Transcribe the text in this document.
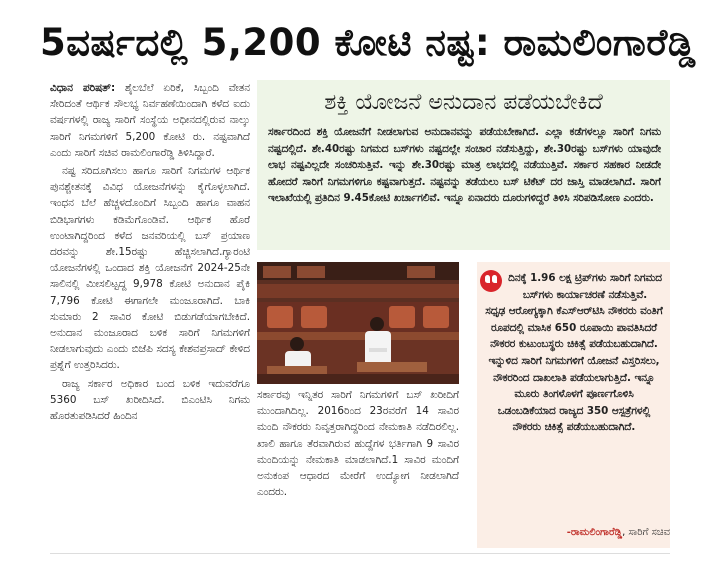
5ವರ್ಷದಲ್ಲಿ 5,200 ಕೋಟಿ ನಷ್ಟ: ರಾಮಲಿಂಗಾರೆಡ್ಡಿ

ವಿಧಾನ ಪರಿಷತ್: ಶೈಲಬೆಲೆ ಏರಿಕೆ, ಸಿಬ್ಬಂದಿ ವೇತನ ಸೇರಿದಂತೆ ಆರ್ಥಿಕ ಸೌಲಭ್ಯ ನಿರ್ವಹಣೆಯಿಂದಾಗಿ ಕಳೆದ ಐದು ವರ್ಷಗಳಲ್ಲಿ ರಾಜ್ಯ ಸಾರಿಗೆ ಸಂಸ್ಥೆಯ ಅಧೀನದಲ್ಲಿರುವ ನಾಲ್ಕು ಸಾರಿಗೆ ನಿಗಮಗಳಿಗೆ 5,200 ಕೋಟಿ ರು. ನಷ್ಟವಾಗಿದೆ ಎಂದು ಸಾರಿಗೆ ಸಚಿವ ರಾಮಲಿಂಗಾರೆಡ್ಡಿ ತಿಳಿಸಿದ್ದಾರೆ.

ನಷ್ಟ ಸರಿದೂಗಿಸಲು ಹಾಗೂ ಸಾರಿಗೆ ನಿಗಮಗಳ ಆರ್ಥಿಕ ಪುನಶ್ಚೇತನಕ್ಕೆ ವಿವಿಧ ಯೋಜನೆಗಳನ್ನು ಕೈಗೊಳ್ಳಲಾಗಿದೆ. ಇಂಧನ ಬೆಲೆ ಹೆಚ್ಚಳದೊಂದಿಗೆ ಸಿಬ್ಬಂದಿ ಹಾಗೂ ವಾಹನ ಬಿಡಿಭಾಗಗಳು ಕಡಿಮೆಗೊಂಡಿವೆ. ಆರ್ಥಿಕ ಹೊರೆ ಉಂಟಾಗಿದ್ದರಿಂದ ಕಳೆದ ಜನವರಿಯಲ್ಲಿ ಬಸ್ ಪ್ರಯಾಣ ದರವನ್ನು ಶೇ.15ರಷ್ಟು ಹೆಚ್ಚಿಸಲಾಗಿದೆ.ಗ್ಯಾರಂಟಿ ಯೋಜನೆಗಳಲ್ಲಿ ಒಂದಾದ ಶಕ್ತಿ ಯೋಜನೆಗೆ 2024-25ನೇ ಸಾಲಿನಲ್ಲಿ ಮೀಸಲಿಟ್ಟದ್ದ 9,978 ಕೋಟಿ ಅನುದಾನ ಪೈಕಿ 7,796 ಕೋಟಿ ಈಗಾಗಲೇ ಮಂಜೂರಾಗಿದೆ. ಬಾಕಿ ಸುಮಾರು 2 ಸಾವಿರ ಕೋಟಿ ಬಿಡುಗಡೆಯಾಗಬೇಕಿದೆ. ಅನುದಾನ ಮಂಜೂರಾದ ಬಳಿಕ ಸಾರಿಗೆ ನಿಗಮಗಳಿಗೆ ನೀಡಲಾಗುವುದು ಎಂದು ಬಿಜೆಪಿ ಸದಸ್ಯ ಕೇಶವಪ್ರಸಾದ್ ಕೇಳಿದ ಪ್ರಶ್ನೆಗೆ ಉತ್ತರಿಸಿದರು.

ರಾಜ್ಯ ಸರ್ಕಾರ ಅಧಿಕಾರ ಬಂದ ಬಳಿಕ ಇದುವರೆಗೂ 5360 ಬಸ್ ಖರೀದಿಸಿದೆ. ಬಿಎಂಟಿಸಿ ನಿಗಮ ಹೊರತುಪಡಿಸಿದರೆ ಹಿಂದಿನ

ಶಕ್ತಿ ಯೋಜನೆ ಅನುದಾನ ಪಡೆಯಬೇಕಿದೆ
ಸರ್ಕಾರದಿಂದ ಶಕ್ತಿ ಯೋಜನೆಗೆ ನೀಡಲಾಗುವ ಅನುದಾನವನ್ನು ಪಡೆಯಬೇಕಾಗಿದೆ. ಎಲ್ಲಾ ಕಡೆಗಳಲ್ಲೂ ಸಾರಿಗೆ ನಿಗಮ ನಷ್ಟದಲ್ಲಿದೆ. ಶೇ.40ರಷ್ಟು ನಿಗಮದ ಬಸ್‌ಗಳು ನಷ್ಟದಲ್ಲೇ ಸಂಚಾರ ನಡೆಸುತ್ತಿದ್ದು, ಶೇ.30ರಷ್ಟು ಬಸ್‌ಗಳು ಯಾವುದೇ ಲಾಭ ನಷ್ಟವಿಲ್ಲದೇ ಸಂಚರಿಸುತ್ತಿವೆ. ಇನ್ನು ಶೇ.30ರಷ್ಟು ಮಾತ್ರ ಲಾಭದಲ್ಲಿ ನಡೆಯುತ್ತಿವೆ. ಸರ್ಕಾರ ಸಹಕಾರ ನೀಡದೇ ಹೋದರೆ ಸಾರಿಗೆ ನಿಗಮಗಳಿಗೂ ಕಷ್ಟವಾಗುತ್ತದೆ. ನಷ್ಟವನ್ನು ತಡೆಯಲು ಬಸ್ ಟಿಕೆಟ್ ದರ ಜಾಸ್ತಿ ಮಾಡಲಾಗಿದೆ. ಸಾರಿಗೆ ಇಲಾಖೆಯಲ್ಲಿ ಪ್ರತಿದಿನ 9.45ಕೋಟಿ ಖರ್ಚಾಗಲಿವೆ. ಇನ್ನೂ ಏನಾದರು ದೂರುಗಳಿದ್ದರೆ ತಿಳಿಸಿ ಸರಿಪಡಿಸೋಣ ಎಂದರು.

ಸರ್ಕಾರವು ಇನ್ನಿತರ ಸಾರಿಗೆ ನಿಗಮಗಳಿಗೆ ಬಸ್ ಖರೀದಿಗೆ ಮುಂದಾಗಿದಿಲ್ಲ. 2016ರಿಂದ 23ರವರೆಗೆ 14 ಸಾವಿರ ಮಂದಿ ನೌಕರರು ನಿವೃತ್ತರಾಗಿದ್ದರಿಂದ ನೇಮಕಾತಿ ನಡೆದಿರಲಿಲ್ಲ. ಖಾಲಿ ಹಾಗೂ ತೆರವಾಗಿರುವ ಹುದ್ದೆಗಳ ಭರ್ತಿಗಾಗಿ 9 ಸಾವಿರ ಮಂದಿಯನ್ನು ನೇಮಕಾತಿ ಮಾಡಲಾಗಿದೆ.1 ಸಾವಿರ ಮಂದಿಗೆ ಅನುಕಂಪ ಆಧಾರದ ಮೇರೆಗೆ ಉದ್ಯೋಗ ನೀಡಲಾಗಿದೆ ಎಂದರು.

ದಿನಕ್ಕೆ 1.96 ಲಕ್ಷ ಟ್ರಿಪ್‌ಗಳು ಸಾರಿಗೆ ನಿಗಮದ ಬಸ್‌ಗಳು ಕಾರ್ಯಾಚರಣೆ ನಡೆಸುತ್ತಿವೆ.
ಸಧೃಢ ಆರೋಗ್ಯಕ್ಕಾಗಿ ಕೆಎಸ್‌ಆರ್‌ಟಿಸಿ ನೌಕರರು ವಂತಿಗೆ ರೂಪದಲ್ಲಿ ಮಾಸಿಕ 650 ರೂಪಾಯಿ ಪಾವತಿಸಿದರೆ ನೌಕರರ ಕುಟುಂಬಸ್ಥರು ಚಿಕಿತ್ಸೆ ಪಡೆಯಬಹುದಾಗಿದೆ. ಇನ್ನುಳಿದ ಸಾರಿಗೆ ನಿಗಮಗಳಿಗೆ ಯೋಜನೆ ವಿಸ್ತರಿಸಲು, ನೌಕರರಿಂದ ದಾಖಲಾತಿ ಪಡೆಯಲಾಗುತ್ತಿದೆ. ಇನ್ನೂ ಮೂರು ತಿಂಗಳೊಳಗೆ ಪೂರ್ಣಗೊಳಿಸಿ ಒಡಂಬಡಿಕೆಯಾದ ರಾಜ್ಯದ 350 ಆಸ್ಪತ್ರೆಗಳಲ್ಲಿ ನೌಕರರು ಚಿಕಿತ್ಸೆ ಪಡೆಯಬಹುದಾಗಿದೆ.
-ರಾಮಲಿಂಗಾರೆಡ್ಡಿ, ಸಾರಿಗೆ ಸಚಿವ
